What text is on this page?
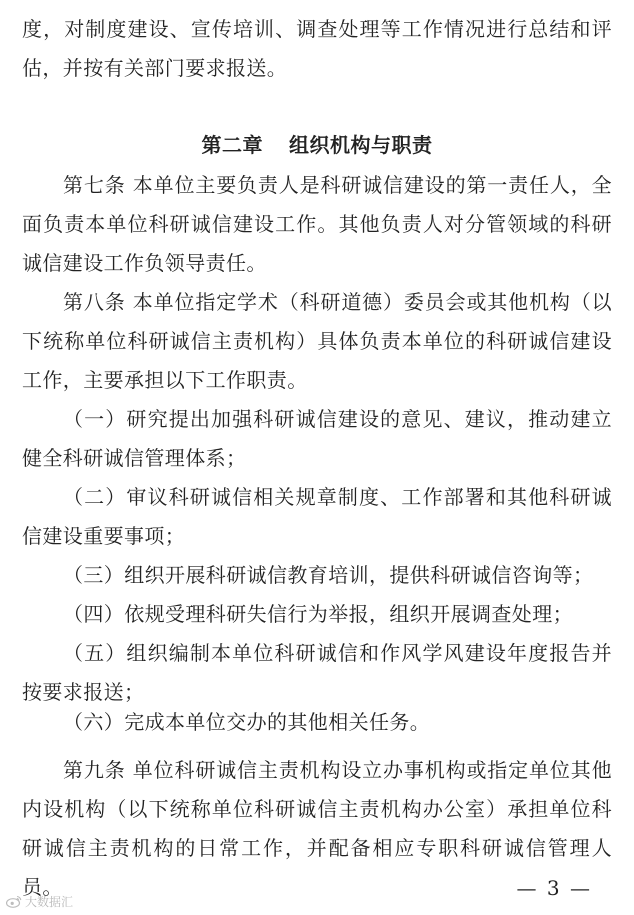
度，对制度建设、宣传培训、调查处理等工作情况进行总结和评估，并按有关部门要求报送。

第二章 组织机构与职责

第七条 本单位主要负责人是科研诚信建设的第一责任人，全面负责本单位科研诚信建设工作。其他负责人对分管领域的科研诚信建设工作负领导责任。

第八条 本单位指定学术（科研道德）委员会或其他机构（以下统称单位科研诚信主责机构）具体负责本单位的科研诚信建设工作，主要承担以下工作职责。

（一）研究提出加强科研诚信建设的意见、建议，推动建立健全科研诚信管理体系；

（二）审议科研诚信相关规章制度、工作部署和其他科研诚信建设重要事项；

（三）组织开展科研诚信教育培训，提供科研诚信咨询等；

（四）依规受理科研失信行为举报，组织开展调查处理；

（五）组织编制本单位科研诚信和作风学风建设年度报告并按要求报送；

（六）完成本单位交办的其他相关任务。

第九条 单位科研诚信主责机构设立办事机构或指定单位其他内设机构（以下统称单位科研诚信主责机构办公室）承担单位科研诚信主责机构的日常工作，并配备相应专职科研诚信管理人员。	— 3 —
大数据汇
